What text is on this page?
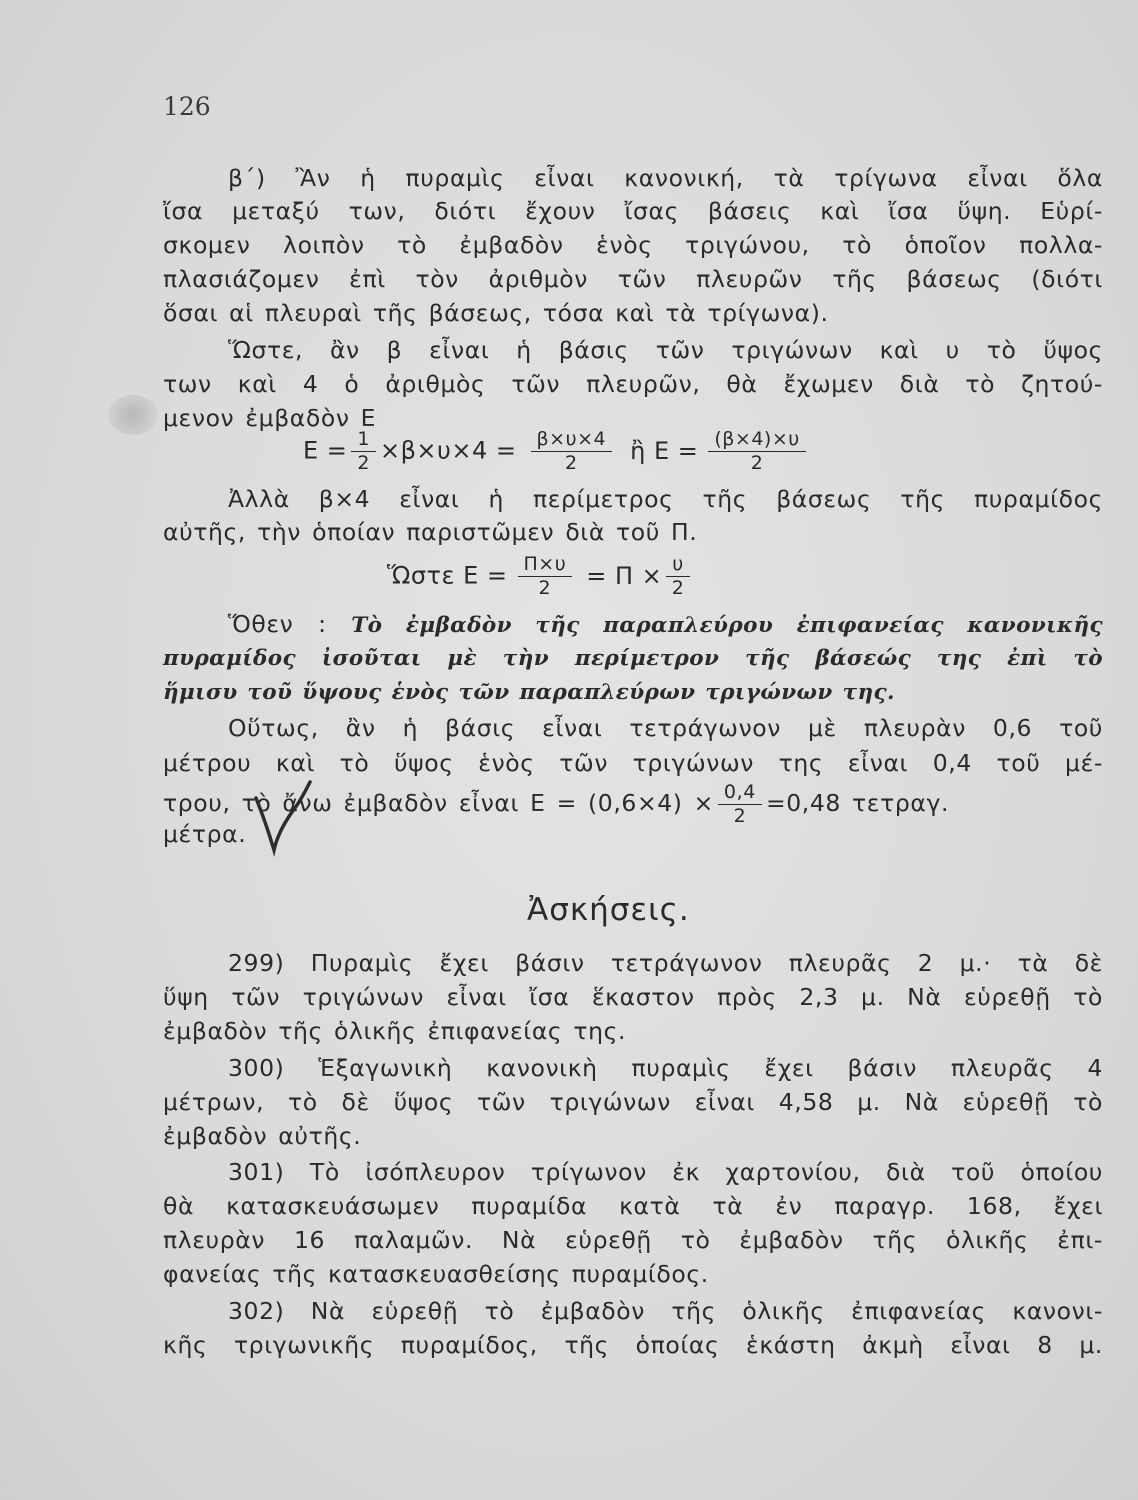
126
β΄) Ἂν ἡ πυραμὶς εἶναι κανονική, τὰ τρίγωνα εἶναι ὅλα
ἴσα μεταξύ των, διότι ἔχουν ἴσας βάσεις καὶ ἴσα ὕψη. Εὑρί-
σκομεν λοιπὸν τὸ ἐμβαδὸν ἑνὸς τριγώνου, τὸ ὁποῖον πολλα-
πλασιάζομεν ἐπὶ τὸν ἀριθμὸν τῶν πλευρῶν τῆς βάσεως (διότι
ὅσαι αἱ πλευραὶ τῆς βάσεως, τόσα καὶ τὰ τρίγωνα).
Ὥστε, ἂν β εἶναι ἡ βάσις τῶν τριγώνων καὶ υ τὸ ὕψος
των καὶ 4 ὁ ἀριθμὸς τῶν πλευρῶν, θὰ ἔχωμεν διὰ τὸ ζητού-
μενον ἐμβαδὸν Ε
$E = \frac{1}{2} \times\beta\times\upsilon\times 4 = \frac{\beta\times\upsilon\times 4}{2}$ ἢ $E = \frac{(\beta\times 4)\times\upsilon}{2}$
Ἀλλὰ β×4 εἶναι ἡ περίμετρος τῆς βάσεως τῆς πυραμίδος
αὐτῆς, τὴν ὁποίαν παριστῶμεν διὰ τοῦ Π.
Ὥστε $E = \frac{\Pi\times\upsilon}{2} = \Pi \times \frac{\upsilon}{2}$
Ὅθεν : Τὸ ἐμβαδὸν τῆς παραπλεύρου ἐπιφανείας κανονικῆς
πυραμίδος ἰσοῦται μὲ τὴν περίμετρον τῆς βάσεώς της ἐπὶ τὸ
ἥμισυ τοῦ ὕψους ἑνὸς τῶν παραπλεύρων τριγώνων της.
Οὕτως, ἂν ἡ βάσις εἶναι τετράγωνον μὲ πλευρὰν 0,6 τοῦ
μέτρου καὶ τὸ ὕψος ἑνὸς τῶν τριγώνων της εἶναι 0,4 τοῦ μέ-
τρου, τὸ ἄνω ἐμβαδὸν εἶναι $E = (0,6\times 4) \times \frac{0,4}{2} =0,48$ τετραγ.
μέτρα.
Ἀσκήσεις.
299) Πυραμὶς ἔχει βάσιν τετράγωνον πλευρᾶς 2 μ.· τὰ δὲ
ὕψη τῶν τριγώνων εἶναι ἴσα ἕκαστον πρὸς 2,3 μ. Νὰ εὑρεθῇ τὸ
ἐμβαδὸν τῆς ὁλικῆς ἐπιφανείας της.
300) Ἑξαγωνικὴ κανονικὴ πυραμὶς ἔχει βάσιν πλευρᾶς 4
μέτρων, τὸ δὲ ὕψος τῶν τριγώνων εἶναι 4,58 μ. Νὰ εὑρεθῇ τὸ
ἐμβαδὸν αὐτῆς.
301) Τὸ ἰσόπλευρον τρίγωνον ἐκ χαρτονίου, διὰ τοῦ ὁποίου
θὰ κατασκευάσωμεν πυραμίδα κατὰ τὰ ἐν παραγρ. 168, ἔχει
πλευρὰν 16 παλαμῶν. Νὰ εὑρεθῇ τὸ ἐμβαδὸν τῆς ὁλικῆς ἐπι-
φανείας τῆς κατασκευασθείσης πυραμίδος.
302) Νὰ εὑρεθῇ τὸ ἐμβαδὸν τῆς ὁλικῆς ἐπιφανείας κανονι-
κῆς τριγωνικῆς πυραμίδος, τῆς ὁποίας ἑκάστη ἀκμὴ εἶναι 8 μ.
